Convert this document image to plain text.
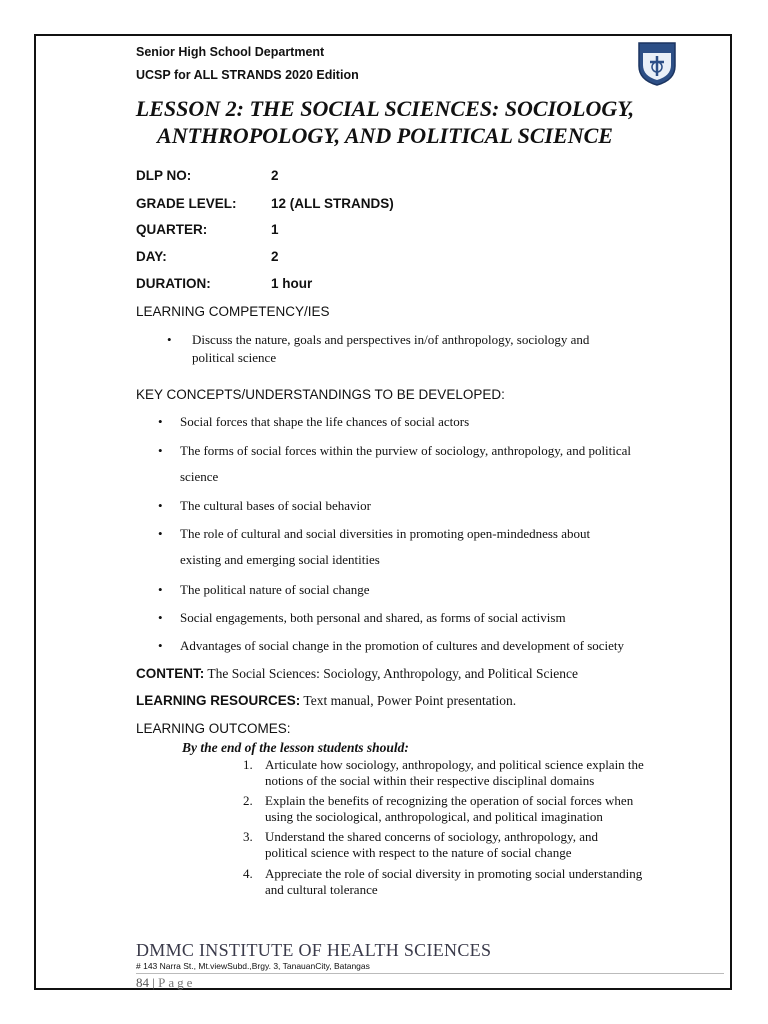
Senior High School Department
UCSP for ALL STRANDS 2020 Edition
LESSON 2: THE SOCIAL SCIENCES: SOCIOLOGY,
ANTHROPOLOGY, AND POLITICAL SCIENCE
DLP NO:	2
GRADE LEVEL:	12 (ALL STRANDS)
QUARTER:	1
DAY:	2
DURATION:	1 hour
LEARNING COMPETENCY/IES
•	Discuss the nature, goals and perspectives in/of anthropology, sociology and
political science
KEY CONCEPTS/UNDERSTANDINGS TO BE DEVELOPED:
• Social forces that shape the life chances of social actors
• The forms of social forces within the purview of sociology, anthropology, and political
science
• The cultural bases of social behavior
• The role of cultural and social diversities in promoting open-mindedness about
existing and emerging social identities
• The political nature of social change
• Social engagements, both personal and shared, as forms of social activism
• Advantages of social change in the promotion of cultures and development of society
CONTENT: The Social Sciences: Sociology, Anthropology, and Political Science
LEARNING RESOURCES: Text manual, Power Point presentation.
LEARNING OUTCOMES:
By the end of the lesson students should:
1. Articulate how sociology, anthropology, and political science explain the
notions of the social within their respective disciplinal domains
2. Explain the benefits of recognizing the operation of social forces when
using the sociological, anthropological, and political imagination
3. Understand the shared concerns of sociology, anthropology, and
political science with respect to the nature of social change
4. Appreciate the role of social diversity in promoting social understanding
and cultural tolerance
DMMC INSTITUTE OF HEALTH SCIENCES
# 143 Narra St., Mt.viewSubd.,Brgy. 3, TanauanCity, Batangas
84 | Page
